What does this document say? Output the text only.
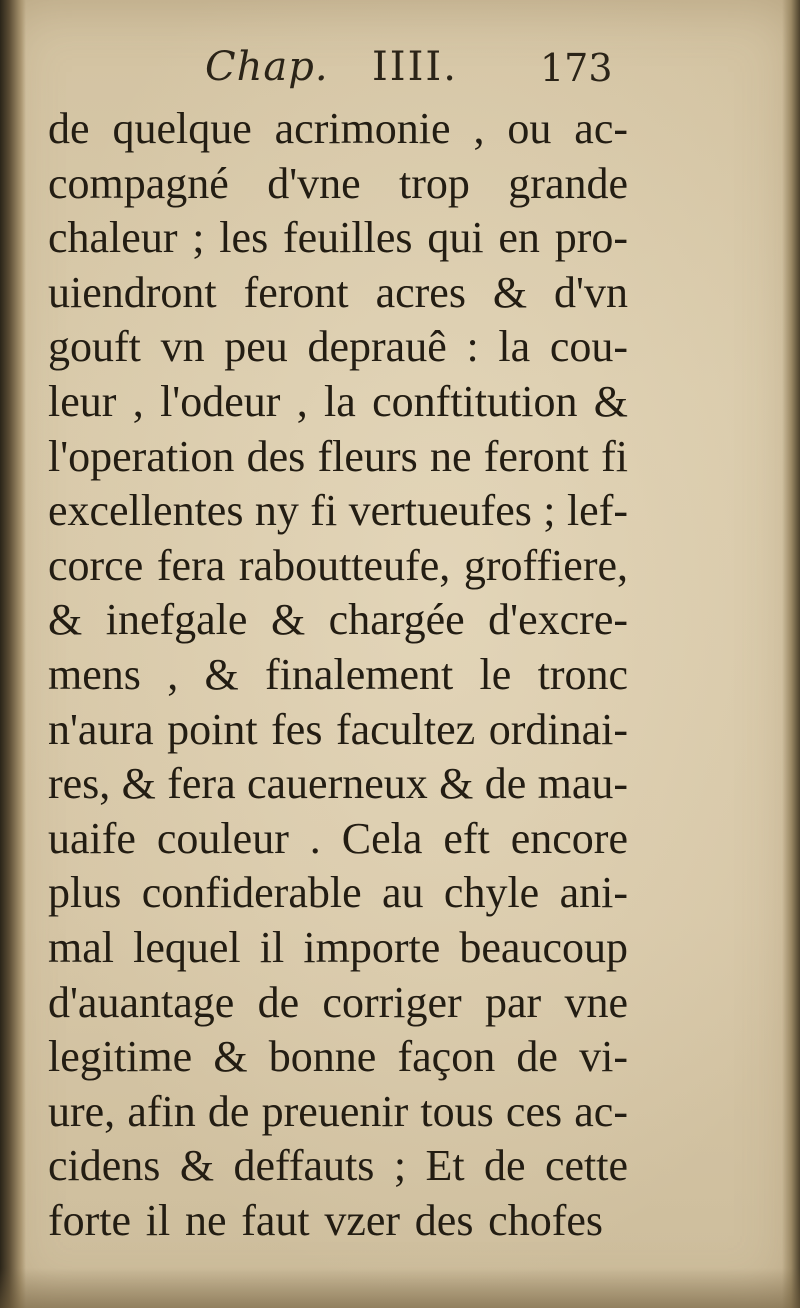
Chap. IIII. 173
de quelque acrimonie , ou ac-
compagné d'vne trop grande
chaleur ; les feuilles qui en pro-
uiendront feront acres & d'vn
gouft vn peu deprauê : la cou-
leur , l'odeur , la conftitution &
l'operation des fleurs ne feront fi
excellentes ny fi vertueufes ; lef-
corce fera raboutteufe, groffiere,
& inefgale & chargée d'excre-
mens , & finalement le tronc
n'aura point fes facultez ordinai-
res, & fera cauerneux & de mau-
uaife couleur . Cela eft encore
plus confiderable au chyle ani-
mal lequel il importe beaucoup
d'auantage de corriger par vne
legitime & bonne façon de vi-
ure, afin de preuenir tous ces ac-
cidens & deffauts ; Et de cette
forte il ne faut vzer des chofes
